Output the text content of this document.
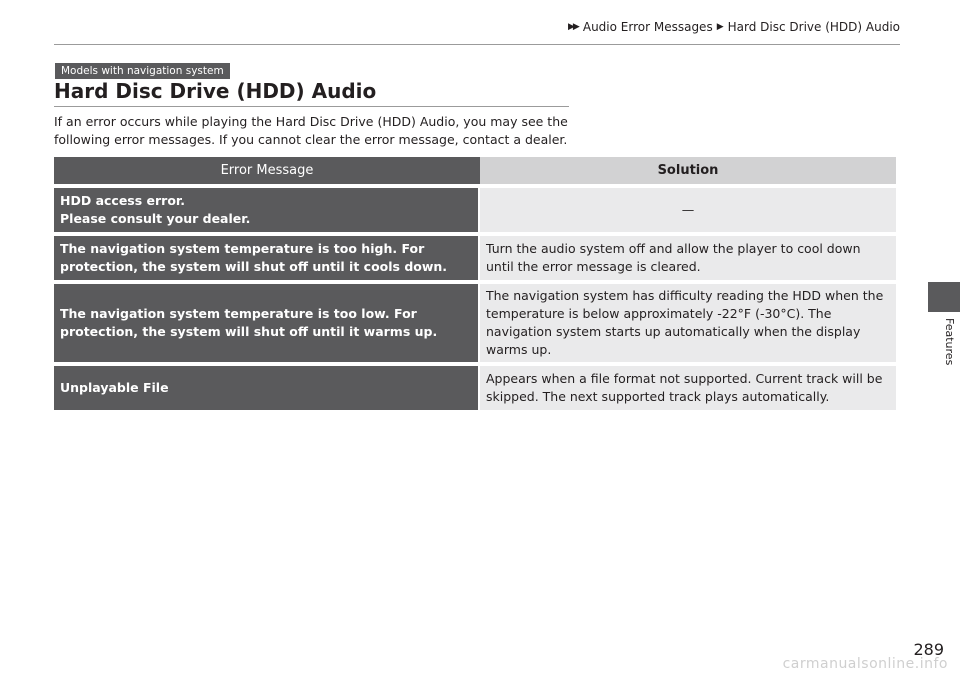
▶▶ Audio Error Messages ▶ Hard Disc Drive (HDD) Audio
Models with navigation system
Hard Disc Drive (HDD) Audio

If an error occurs while playing the Hard Disc Drive (HDD) Audio, you may see the following error messages. If you cannot clear the error message, contact a dealer.

Error Message	Solution
HDD access error.
Please consult your dealer.	—
The navigation system temperature is too high. For protection, the system will shut off until it cools down.	Turn the audio system off and allow the player to cool down until the error message is cleared.
The navigation system temperature is too low. For protection, the system will shut off until it warms up.	The navigation system has difficulty reading the HDD when the temperature is below approximately -22°F (-30°C). The navigation system starts up automatically when the display warms up.
Unplayable File	Appears when a file format not supported. Current track will be skipped. The next supported track plays automatically.
Features
289
carmanualsonline.info
